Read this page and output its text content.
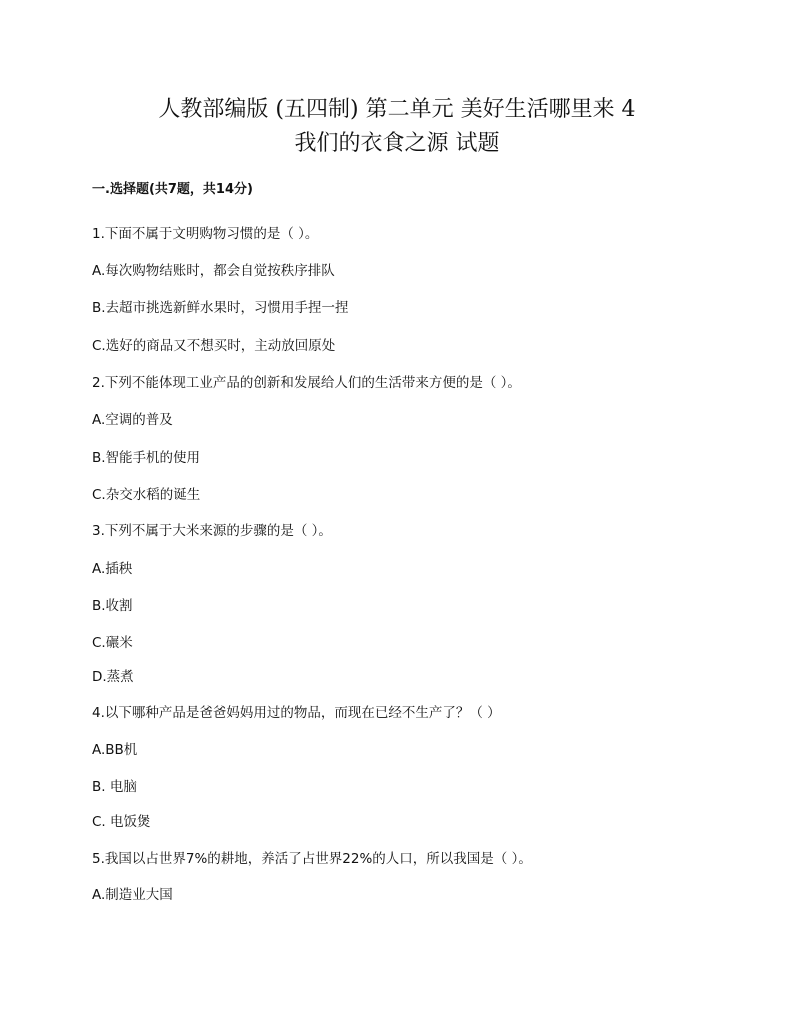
人教部编版 (五四制) 第二单元 美好生活哪里来 4
我们的衣食之源 试题
一.选择题(共7题，共14分)
1.下面不属于文明购物习惯的是（ ）。
A.每次购物结账时，都会自觉按秩序排队
B.去超市挑选新鲜水果时，习惯用手捏一捏
C.选好的商品又不想买时，主动放回原处
2.下列不能体现工业产品的创新和发展给人们的生活带来方便的是（ ）。
A.空调的普及
B.智能手机的使用
C.杂交水稻的诞生
3.下列不属于大米来源的步骤的是（ ）。
A.插秧
B.收割
C.碾米
D.蒸煮
4.以下哪种产品是爸爸妈妈用过的物品，而现在已经不生产了？（ ）
A.BB机
B. 电脑
C. 电饭煲
5.我国以占世界7%的耕地，养活了占世界22%的人口，所以我国是（ ）。
A.制造业大国
